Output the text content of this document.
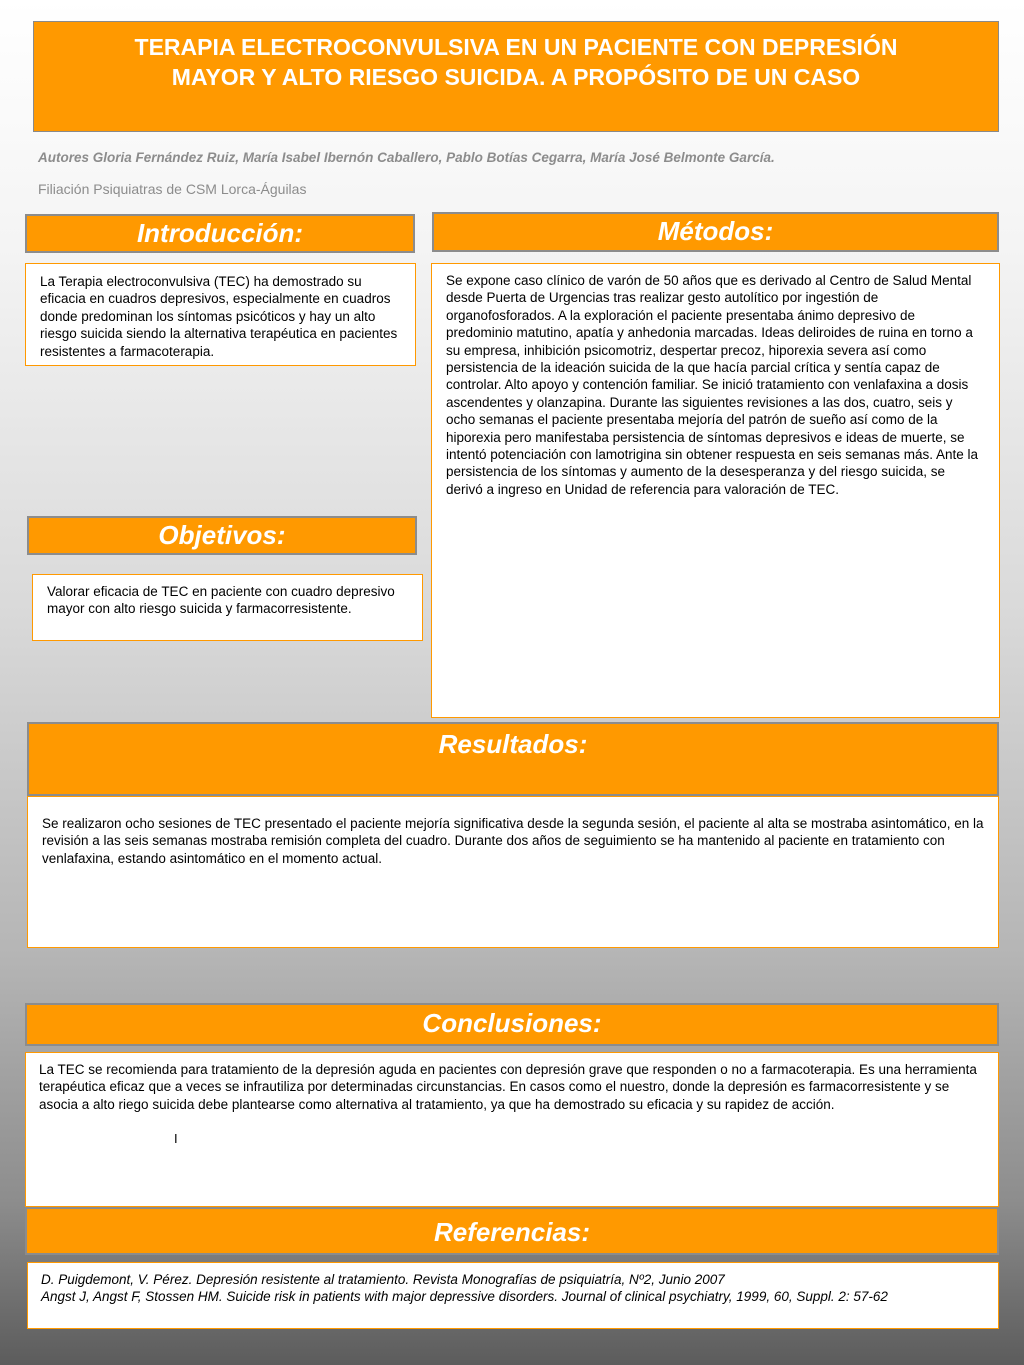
TERAPIA ELECTROCONVULSIVA EN UN PACIENTE CON DEPRESIÓN
MAYOR Y ALTO RIESGO SUICIDA. A PROPÓSITO DE UN CASO
Autores Gloria Fernández Ruiz, María Isabel Ibernón Caballero, Pablo Botías Cegarra, María José Belmonte García.
Filiación Psiquiatras de CSM Lorca-Águilas
Introducción:
La Terapia electroconvulsiva (TEC) ha demostrado su eficacia en cuadros depresivos, especialmente en cuadros donde predominan los síntomas psicóticos y hay un alto riesgo suicida siendo la alternativa terapéutica en pacientes resistentes a farmacoterapia.
Objetivos:
Valorar eficacia de TEC en paciente con cuadro depresivo mayor con alto riesgo suicida y farmacorresistente.
Métodos:
Se expone caso clínico de varón de 50 años que es derivado al Centro de Salud Mental desde Puerta de Urgencias tras realizar gesto autolítico por ingestión de organofosforados. A la exploración el paciente presentaba ánimo depresivo de predominio matutino, apatía y anhedonia marcadas. Ideas deliroides de ruina en torno a su empresa, inhibición psicomotriz, despertar precoz, hiporexia severa así como persistencia de la ideación suicida de la que hacía parcial crítica y sentía capaz de controlar. Alto apoyo y contención familiar. Se inició tratamiento con venlafaxina a dosis ascendentes y olanzapina. Durante las siguientes revisiones a las dos, cuatro, seis y ocho semanas el paciente presentaba mejoría del patrón de sueño así como de la hiporexia pero manifestaba persistencia de síntomas depresivos e ideas de muerte, se intentó potenciación con lamotrigina sin obtener respuesta en seis semanas más. Ante la persistencia de los síntomas y aumento de la desesperanza y del riesgo suicida, se derivó a ingreso en Unidad de referencia para valoración de TEC.
Resultados:
Se realizaron ocho sesiones de TEC presentado el paciente mejoría significativa desde la segunda sesión, el paciente al alta se mostraba asintomático, en la revisión a las seis semanas mostraba remisión completa del cuadro. Durante dos años de seguimiento se ha mantenido al paciente en tratamiento con venlafaxina, estando asintomático en el momento actual.
Conclusiones:
La TEC se recomienda para tratamiento de la depresión aguda en pacientes con depresión grave que responden o no a farmacoterapia. Es una herramienta terapéutica eficaz que a veces se infrautiliza por determinadas circunstancias. En casos como el nuestro, donde la depresión es farmacorresistente y se asocia a alto riego suicida debe plantearse como alternativa al tratamiento, ya que ha demostrado su eficacia y su rapidez de acción.
I
Referencias:
D. Puigdemont, V. Pérez. Depresión resistente al tratamiento. Revista Monografías de psiquiatría, Nº2, Junio 2007
Angst J, Angst F, Stossen HM. Suicide risk in patients with major depressive disorders. Journal of clinical psychiatry, 1999, 60, Suppl. 2: 57-62
